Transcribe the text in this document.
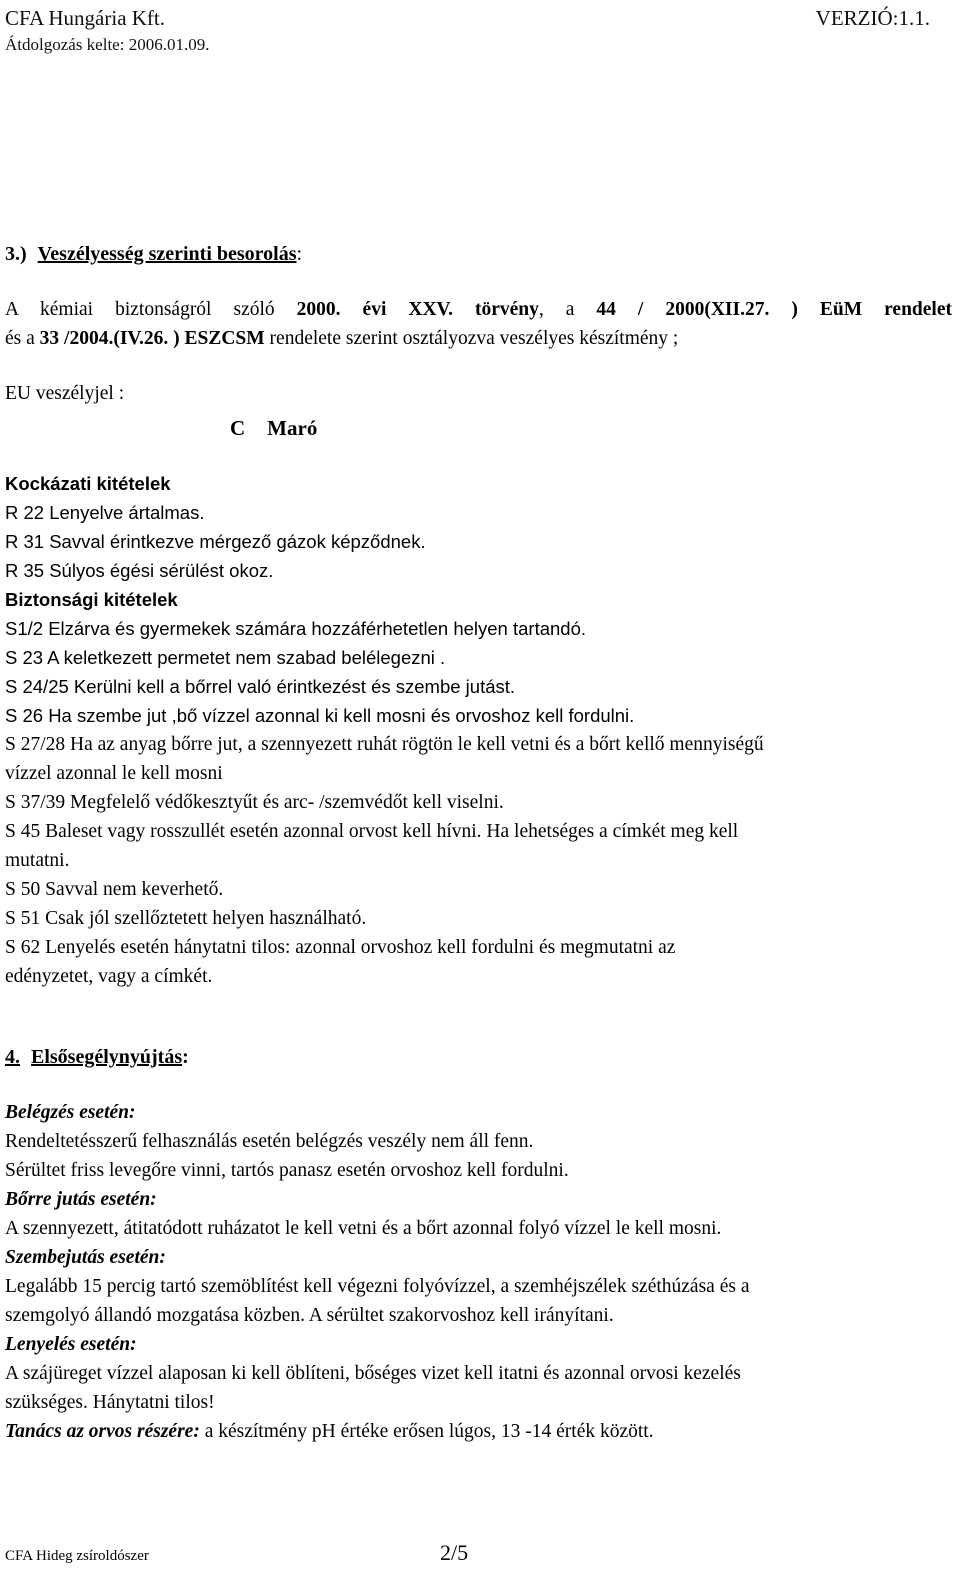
CFA Hungária Kft.	VERZIÓ:1.1.
Átdolgozás kelte: 2006.01.09.
3.) Veszélyesség szerinti besorolás:
A kémiai biztonságról szóló 2000. évi XXV. törvény, a 44 / 2000(XII.27. ) EüM rendelet
és a 33 /2004.(IV.26. ) ESZCSM rendelete szerint osztályozva veszélyes készítmény ;
EU veszélyjel :
C Maró
Kockázati kitételek
R 22 Lenyelve ártalmas.
R 31 Savval érintkezve mérgező gázok képződnek.
R 35 Súlyos égési sérülést okoz.
Biztonsági kitételek
S1/2 Elzárva és gyermekek számára hozzáférhetetlen helyen tartandó.
S 23 A keletkezett permetet nem szabad belélegezni .
S 24/25 Kerülni kell a bőrrel való érintkezést és szembe jutást.
S 26 Ha szembe jut ,bő vízzel azonnal ki kell mosni és orvoshoz kell fordulni.
S 27/28 Ha az anyag bőrre jut, a szennyezett ruhát rögtön le kell vetni és a bőrt kellő mennyiségű
vízzel azonnal le kell mosni
S 37/39 Megfelelő védőkesztyűt és arc- /szemvédőt kell viselni.
S 45 Baleset vagy rosszullét esetén azonnal orvost kell hívni. Ha lehetséges a címkét meg kell
mutatni.
S 50 Savval nem keverhető.
S 51 Csak jól szellőztetett helyen használható.
S 62 Lenyelés esetén hánytatni tilos: azonnal orvoshoz kell fordulni és megmutatni az
edényzetet, vagy a címkét.
4. Elsősegélynyújtás:
Belégzés esetén:
Rendeltetésszerű felhasználás esetén belégzés veszély nem áll fenn.
Sérültet friss levegőre vinni, tartós panasz esetén orvoshoz kell fordulni.
Bőrre jutás esetén:
A szennyezett, átitatódott ruházatot le kell vetni és a bőrt azonnal folyó vízzel le kell mosni.
Szembejutás esetén:
Legalább 15 percig tartó szemöblítést kell végezni folyóvízzel, a szemhéjszélek széthúzása és a
szemgolyó állandó mozgatása közben. A sérültet szakorvoshoz kell irányítani.
Lenyelés esetén:
A szájüreget vízzel alaposan ki kell öblíteni, bőséges vizet kell itatni és azonnal orvosi kezelés
szükséges. Hánytatni tilos!
Tanács az orvos részére: a készítmény pH értéke erősen lúgos, 13 -14 érték között.
CFA Hideg zsíroldószer	2/5
